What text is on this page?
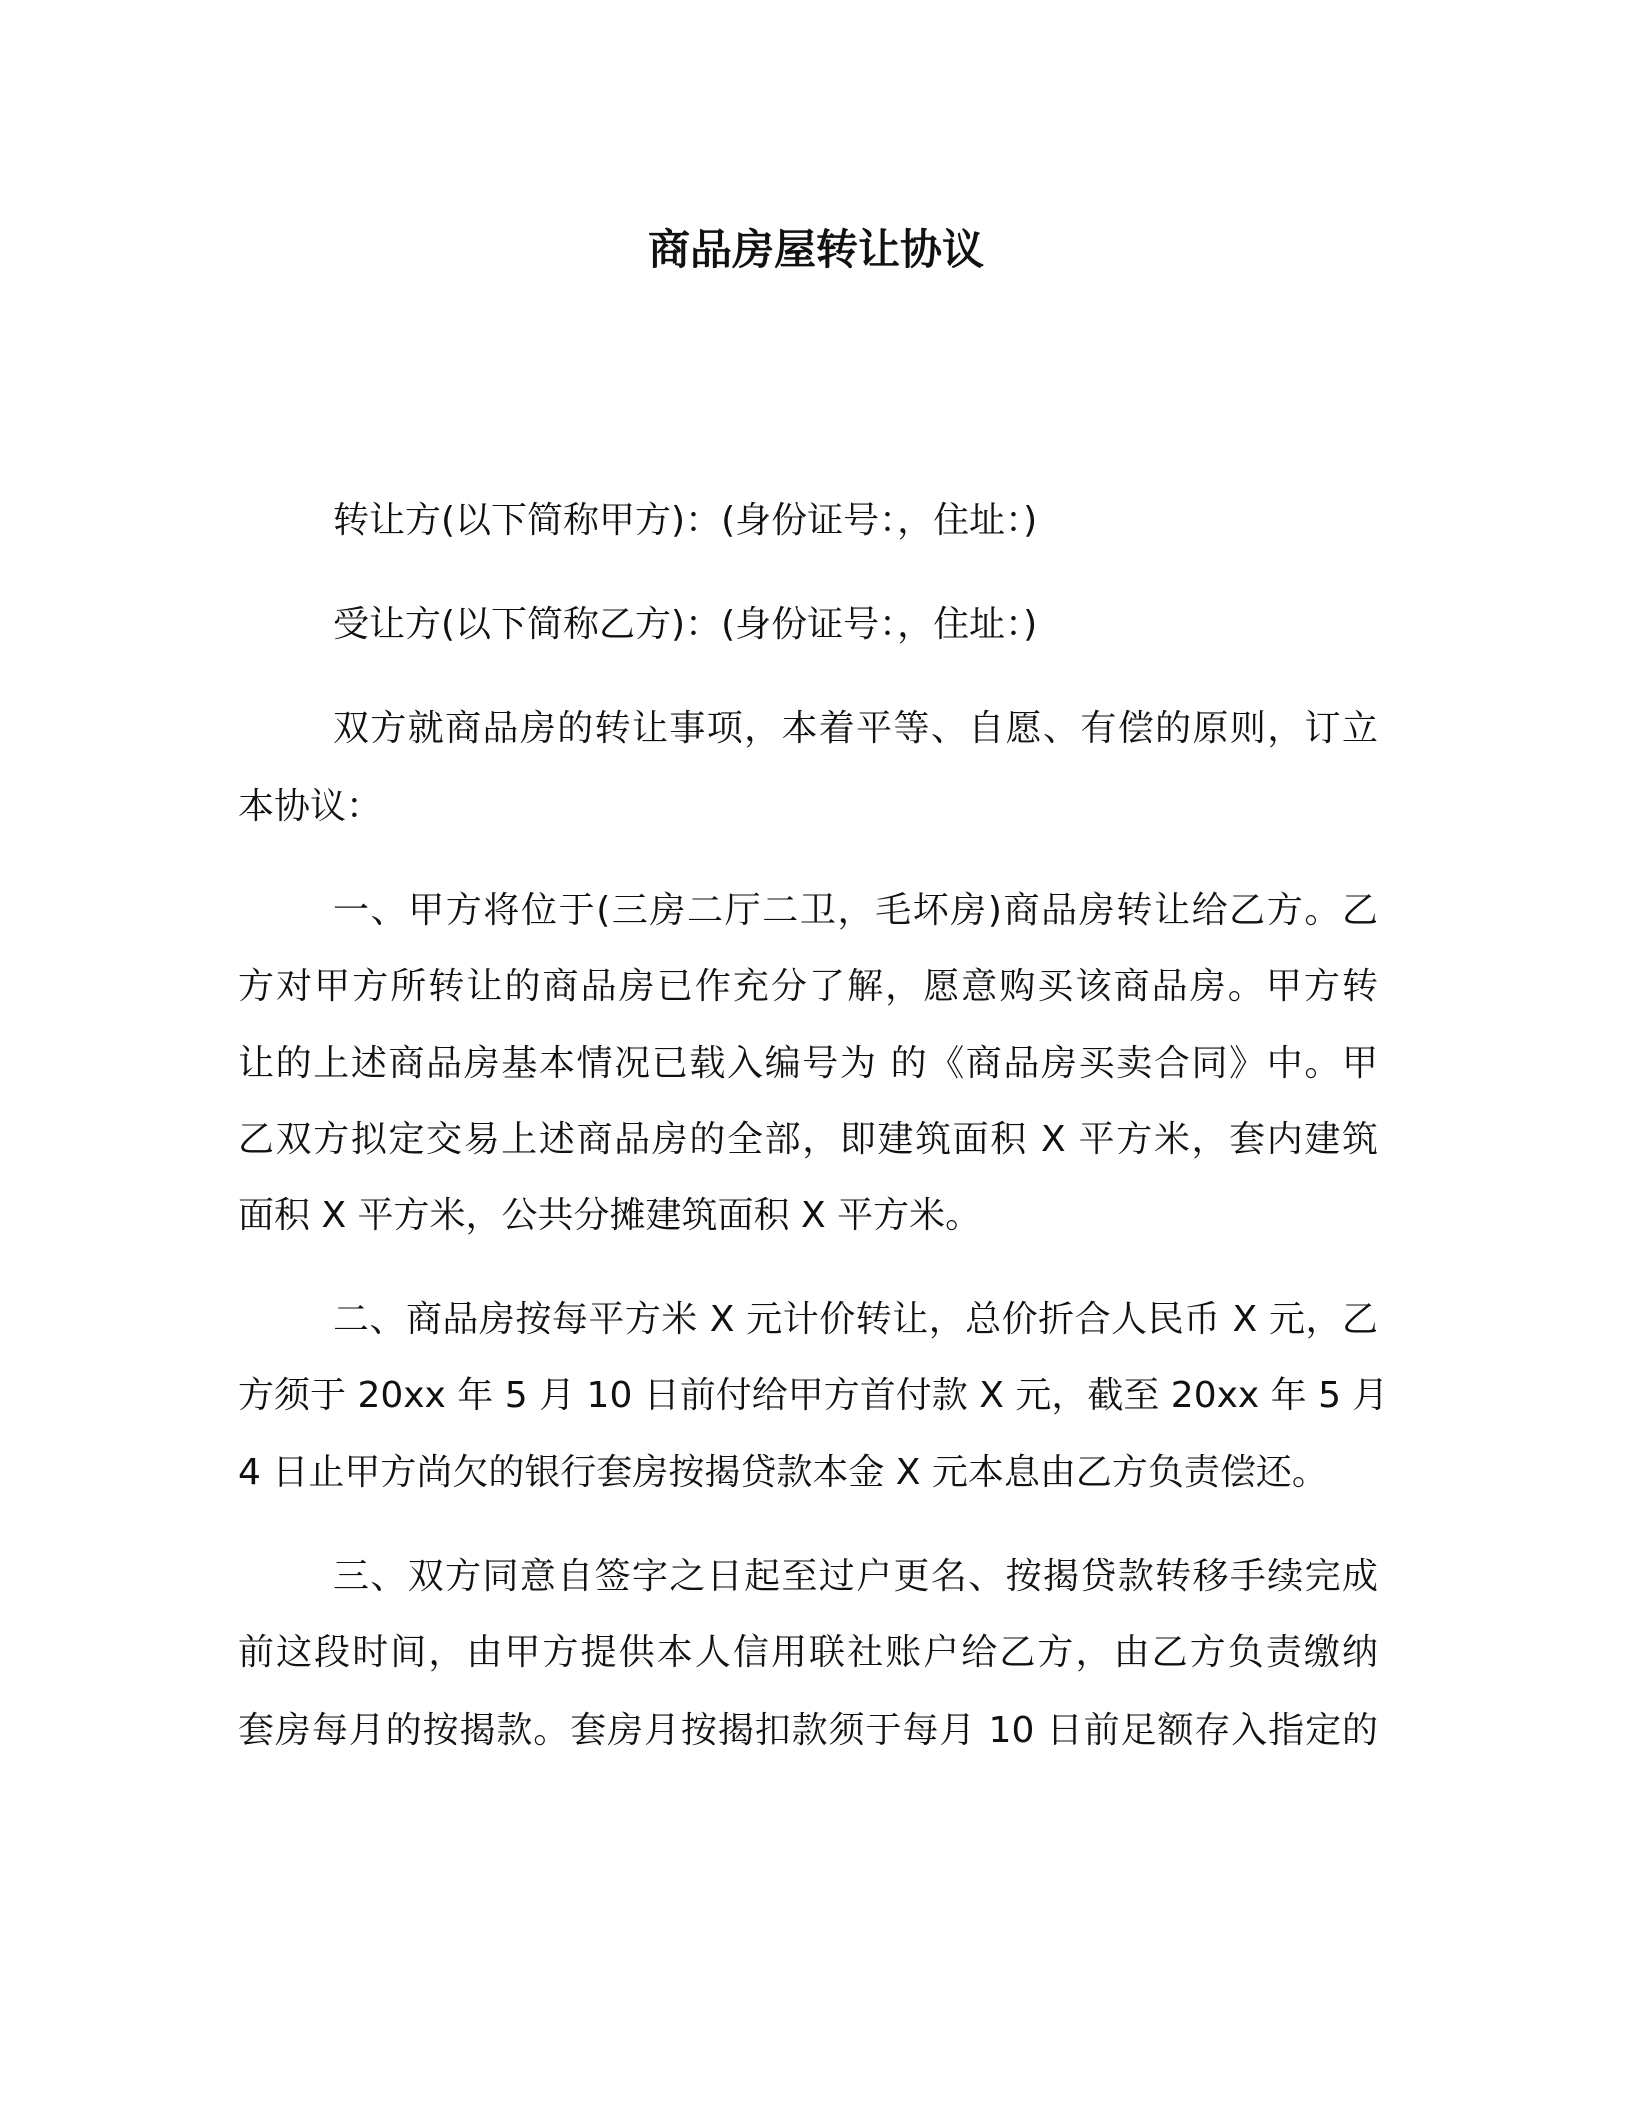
商品房屋转让协议
转让方(以下简称甲方)：(身份证号：，住址：)
受让方(以下简称乙方)：(身份证号：，住址：)
双方就商品房的转让事项，本着平等、自愿、有偿的原则，订立
本协议：
一、甲方将位于(三房二厅二卫，毛坏房)商品房转让给乙方。乙
方对甲方所转让的商品房已作充分了解，愿意购买该商品房。甲方转
让的上述商品房基本情况已载入编号为 的《商品房买卖合同》中。甲
乙双方拟定交易上述商品房的全部，即建筑面积 X 平方米，套内建筑
面积 X 平方米，公共分摊建筑面积 X 平方米。
二、商品房按每平方米 X 元计价转让，总价折合人民币 X 元，乙
方须于 20xx 年 5 月 10 日前付给甲方首付款 X 元，截至 20xx 年 5 月
4 日止甲方尚欠的银行套房按揭贷款本金 X 元本息由乙方负责偿还。
三、双方同意自签字之日起至过户更名、按揭贷款转移手续完成
前这段时间，由甲方提供本人信用联社账户给乙方，由乙方负责缴纳
套房每月的按揭款。套房月按揭扣款须于每月 10 日前足额存入指定的
